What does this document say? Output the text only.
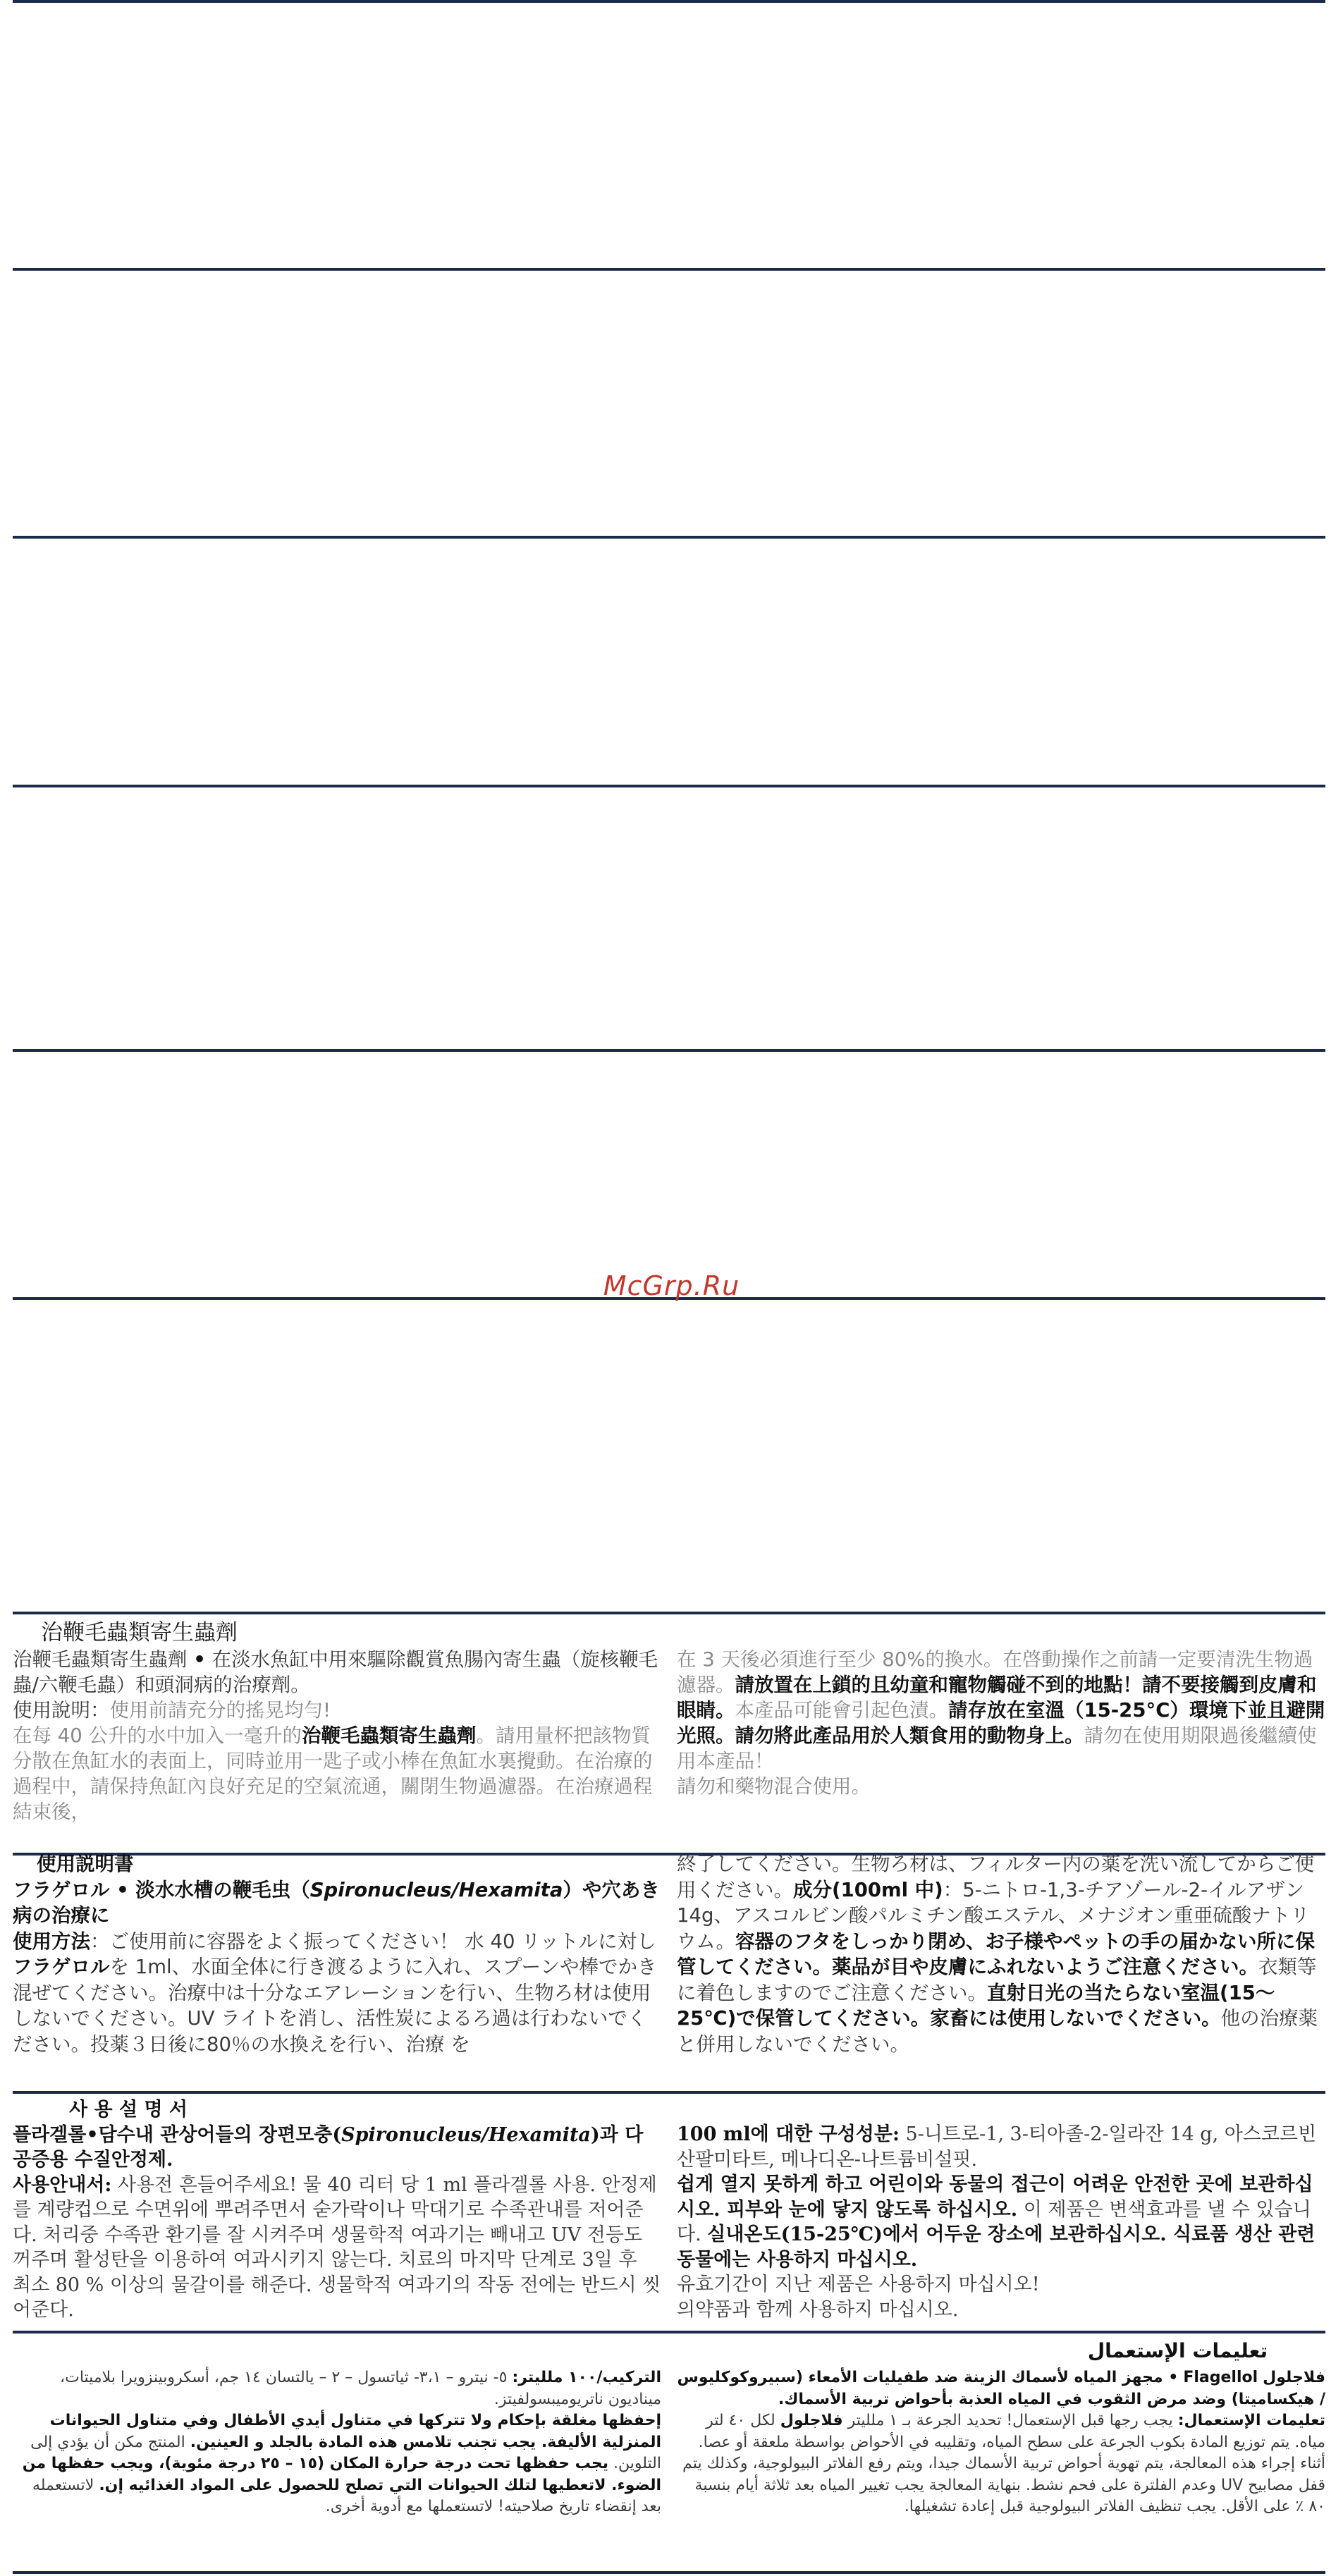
McGrp.Ru
治鞭毛蟲類寄生蟲劑

治鞭毛蟲類寄生蟲劑 • 在淡水魚缸中用來驅除觀賞魚腸內寄生蟲（旋核鞭毛蟲/六鞭毛蟲）和頭洞病的治療劑。

使用說明：使用前請充分的搖晃均勻!

在每 40 公升的水中加入一毫升的治鞭毛蟲類寄生蟲劑。請用量杯把該物質分散在魚缸水的表面上，同時並用一匙子或小棒在魚缸水裏攪動。在治療的過程中，請保持魚缸內良好充足的空氣流通，關閉生物過濾器。在治療過程結束後，

在 3 天後必須進行至少 80%的換水。在啓動操作之前請一定要清洗生物過濾器。請放置在上鎖的且幼童和寵物觸碰不到的地點！請不要接觸到皮膚和眼睛。本產品可能會引起色漬。請存放在室溫（15-25°C）環境下並且避開光照。請勿將此產品用於人類食用的動物身上。請勿在使用期限過後繼續使用本產品！
請勿和藥物混合使用。

使用説明書

フラゲロル • 淡水水槽の鞭毛虫（Spironucleus/Hexamita）や穴あき病の治療に

使用方法：ご使用前に容器をよく振ってください！ 水 40 リットルに対しフラゲロルを 1ml、水面全体に行き渡るように入れ、スプーンや棒でかき混ぜてください。治療中は十分なエアレーションを行い、生物ろ材は使用しないでください。UV ライトを消し、活性炭によるろ過は行わないでください。投薬３日後に80％の水換えを行い、治療 を

終了してください。生物ろ材は、フィルター内の薬を洗い流してからご使用ください。成分(100ml 中)：5-ニトロ-1,3-チアゾール-2-イルアザン 14g、アスコルビン酸パルミチン酸エステル、メナジオン重亜硫酸ナトリウム。容器のフタをしっかり閉め、お子様やペットの手の届かない所に保管してください。薬品が目や皮膚にふれないようご注意ください。衣類等に着色しますのでご注意ください。直射日光の当たらない室温(15～25℃)で保管してください。家畜には使用しないでください。他の治療薬と併用しないでください。

사 용 설 명 서

플라겔롤•담수내 관상어들의 장편모충(Spironucleus/Hexamita)과 다공증용 수질안정제.

사용안내서: 사용전 흔들어주세요! 물 40 리터 당 1 ml 플라겔롤 사용. 안정제를 계량컵으로 수면위에 뿌려주면서 숟가락이나 막대기로 수족관내를 저어준다. 처리중 수족관 환기를 잘 시켜주며 생물학적 여과기는 빼내고 UV 전등도 꺼주며 활성탄을 이용하여 여과시키지 않는다. 치료의 마지막 단계로 3일 후 최소 80 % 이상의 물갈이를 해준다. 생물학적 여과기의 작동 전에는 반드시 씻어준다.

100 ml에 대한 구성성분: 5-니트로-1, 3-티아졸-2-일라잔 14 g, 아스코르빈산팔미타트, 메나디온-나트륨비설핏.
쉽게 열지 못하게 하고 어린이와 동물의 접근이 어려운 안전한 곳에 보관하십시오. 피부와 눈에 닿지 않도록 하십시오. 이 제품은 변색효과를 낼 수 있습니다. 실내온도(15-25℃)에서 어두운 장소에 보관하십시오. 식료품 생산 관련 동물에는 사용하지 마십시오.
유효기간이 지난 제품은 사용하지 마십시오!
의약품과 함께 사용하지 마십시오.

تعليمات الإستعمال

فلاجلول Flagellol • مجهز المياه لأسماك الزينة ضد طفيليات الأمعاء (سبيروكوكليوس / هيكساميتا) وضد مرض الثقوب في المياه العذبة بأحواض تربية الأسماك.

تعليمات الإستعمال: يجب رجها قبل الإستعمال! تحديد الجرعة بـ ١ ملليتر فلاجلول لكل ٤٠ لتر مياه. يتم توزيع المادة بكوب الجرعة على سطح المياه، وتقليبه في الأحواض بواسطة ملعقة أو عصا. أثناء إجراء هذه المعالجة، يتم تهوية أحواض تربية الأسماك جيدا، ويتم رفع الفلاتر البيولوجية، وكذلك يتم قفل مصابيح UV وعدم الفلترة على فحم نشط. بنهاية المعالجة يجب تغيير المياه بعد ثلاثة أيام بنسبة ٨٠ ٪ على الأقل. يجب تنظيف الفلاتر البيولوجية قبل إعادة تشغيلها.

التركيب/١٠٠ ملليتر: ٥- نيترو – ٣،١- ثياتسول – ٢ – يالتسان ١٤ جم، أسكروبينزويرا بلاميتات، ميناديون ناتريوميبسولفيتز.

إحفظها مغلقة بإحكام ولا تتركها في متناول أيدي الأطفال وفي متناول الحيوانات المنزلية الأليفة. يجب تجنب تلامس هذه المادة بالجلد و العينين. المنتج مكن أن يؤدي إلى التلوين. يجب حفظها تحت درجة حرارة المكان (١٥ – ٢٥ درجة مئوية)، ويجب حفظها من الضوء. لاتعطيها لتلك الحيوانات التي تصلح للحصول على المواد الغذائيه إن. لاتستعمله بعد إنقضاء تاريخ صلاحيته! لاتستعملها مع أدوية أخرى.
